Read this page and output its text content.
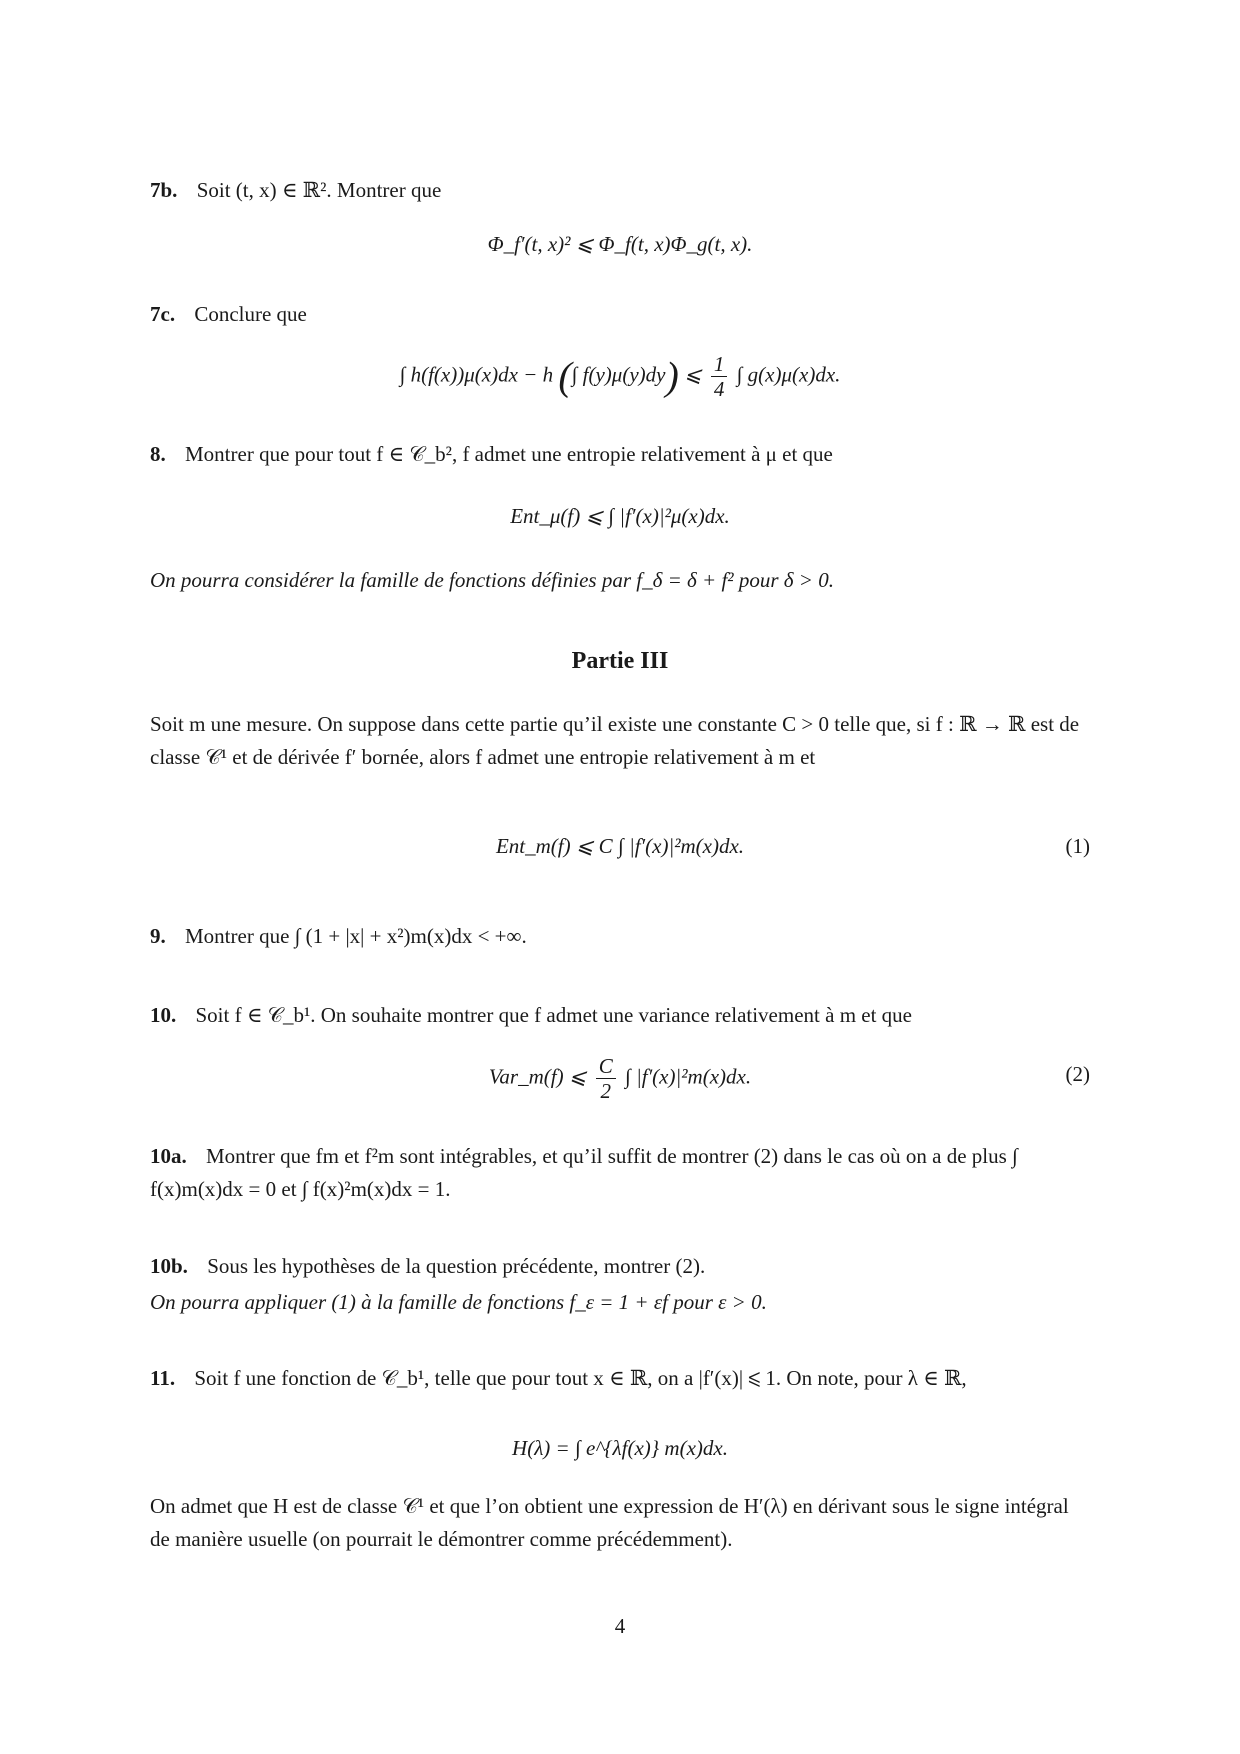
7b. Soit (t, x) ∈ ℝ². Montrer que
Φ_f′(t, x)² ⩽ Φ_f(t, x)Φ_g(t, x).
7c. Conclure que
∫ h(f(x))μ(x)dx − h (∫ f(y)μ(y)dy) ⩽ $\frac{1}{4}$ ∫ g(x)μ(x)dx.
8. Montrer que pour tout f ∈ 𝒞_b², f admet une entropie relativement à μ et que
Ent_μ(f) ⩽ ∫ |f′(x)|²μ(x)dx.
On pourra considérer la famille de fonctions définies par f_δ = δ + f² pour δ > 0.
Partie III
Soit m une mesure. On suppose dans cette partie qu’il existe une constante C > 0 telle que, si f : ℝ → ℝ est de classe 𝒞¹ et de dérivée f′ bornée, alors f admet une entropie relativement à m et
Ent_m(f) ⩽ C ∫ |f′(x)|²m(x)dx.	(1)
9. Montrer que ∫ (1 + |x| + x²)m(x)dx < +∞.
10. Soit f ∈ 𝒞_b¹. On souhaite montrer que f admet une variance relativement à m et que
Var_m(f) ⩽ $\frac{C}{2}$ ∫ |f′(x)|²m(x)dx.	(2)
10a. Montrer que fm et f²m sont intégrables, et qu’il suffit de montrer (2) dans le cas où on a de plus ∫ f(x)m(x)dx = 0 et ∫ f(x)²m(x)dx = 1.
10b. Sous les hypothèses de la question précédente, montrer (2).
On pourra appliquer (1) à la famille de fonctions f_ε = 1 + εf pour ε > 0.
11. Soit f une fonction de 𝒞_b¹, telle que pour tout x ∈ ℝ, on a |f′(x)| ⩽ 1. On note, pour λ ∈ ℝ,
H(λ) = ∫ e^{λf(x)} m(x)dx.
On admet que H est de classe 𝒞¹ et que l’on obtient une expression de H′(λ) en dérivant sous le signe intégral de manière usuelle (on pourrait le démontrer comme précédemment).
4
